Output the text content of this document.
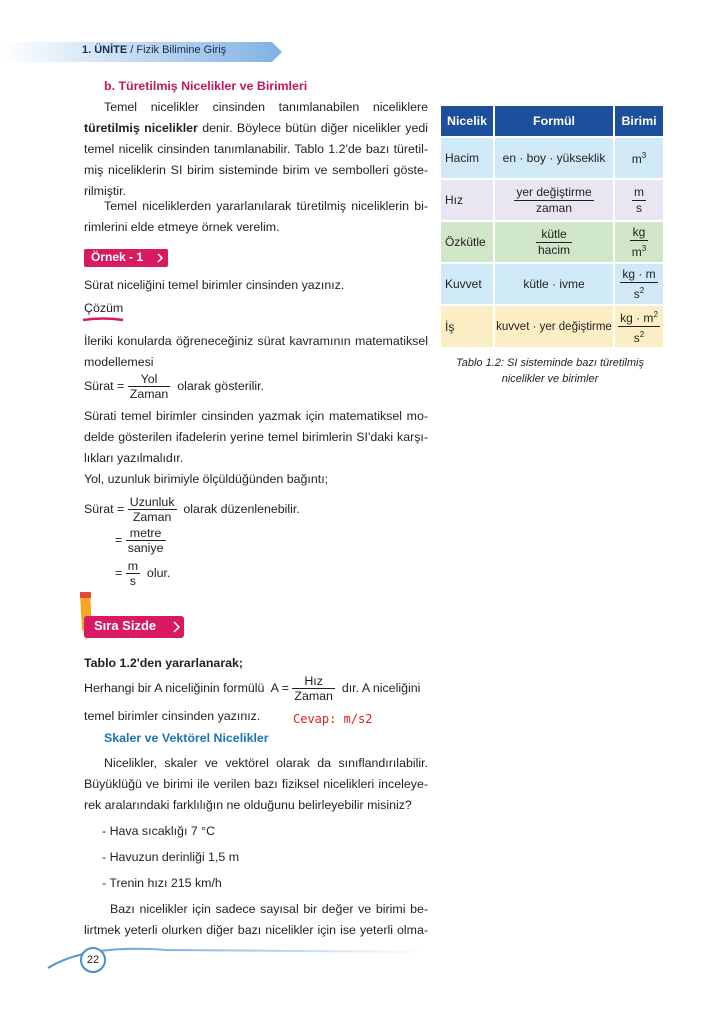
1. ÜNİTE / Fizik Bilimine Giriş
b. Türetilmiş Nicelikler ve Birimleri
Temel nicelikler cinsinden tanımlanabilen niceliklere
türetilmiş nicelikler denir. Böylece bütün diğer nicelikler yedi
temel nicelik cinsinden tanımlanabilir. Tablo 1.2'de bazı türetil-
miş niceliklerin SI birim sisteminde birim ve sembolleri göste-
rilmiştir.
Temel niceliklerden yararlanılarak türetilmiş niceliklerin bi-
rimlerini elde etmeye örnek verelim.
Örnek - 1
Sürat niceliğini temel birimler cinsinden yazınız.
Çözüm
İleriki konularda öğreneceğiniz sürat kavramının matematiksel
modellemesi
Sürat = $\frac{\text{Yol}}{\text{Zaman}}$ olarak gösterilir.
Sürati temel birimler cinsinden yazmak için matematiksel mo-
delde gösterilen ifadelerin yerine temel birimlerin SI'daki karşı-
lıkları yazılmalıdır.
Yol, uzunluk birimiyle ölçüldüğünden bağıntı;
Sürat = $\frac{\text{Uzunluk}}{\text{Zaman}}$ olarak düzenlenebilir.
= $\frac{\text{metre}}{\text{saniye}}$
= $\frac{m}{s}$ olur.
Nicelik	Formül	Birimi
Hacim	en · boy · yükseklik	$m^3$
Hız	$\frac{\text{yer değiştirme}}{\text{zaman}}$	$\frac{m}{s}$

Özkütle	$\frac{\text{kütle}}{\text{hacim}}$	$\frac{kg}{m^3}$

Kuvvet	kütle · ivme	$\frac{kg \cdot m}{s^2}$

İş	kuvvet · yer değiştirme	$\frac{kg \cdot m^2}{s^2}$
Tablo 1.2: SI sisteminde bazı türetilmiş
nicelikler ve birimler
Sıra Sizde
Tablo 1.2'den yararlanarak;
Herhangi bir A niceliğinin formülü $A = \frac{\text{Hız}}{\text{Zaman}}$ dır. A niceliğini
temel birimler cinsinden yazınız.	Cevap: m/s2
Skaler ve Vektörel Nicelikler
Nicelikler, skaler ve vektörel olarak da sınıflandırılabilir.
Büyüklüğü ve birimi ile verilen bazı fiziksel nicelikleri inceleye-
rek aralarındaki farklılığın ne olduğunu belirleyebilir misiniz?
- Hava sıcaklığı 7 °C
- Havuzun derinliği 1,5 m
- Trenin hızı 215 km/h
Bazı nicelikler için sadece sayısal bir değer ve birimi be-
lirtmek yeterli olurken diğer bazı nicelikler için ise yeterli olma-
22
